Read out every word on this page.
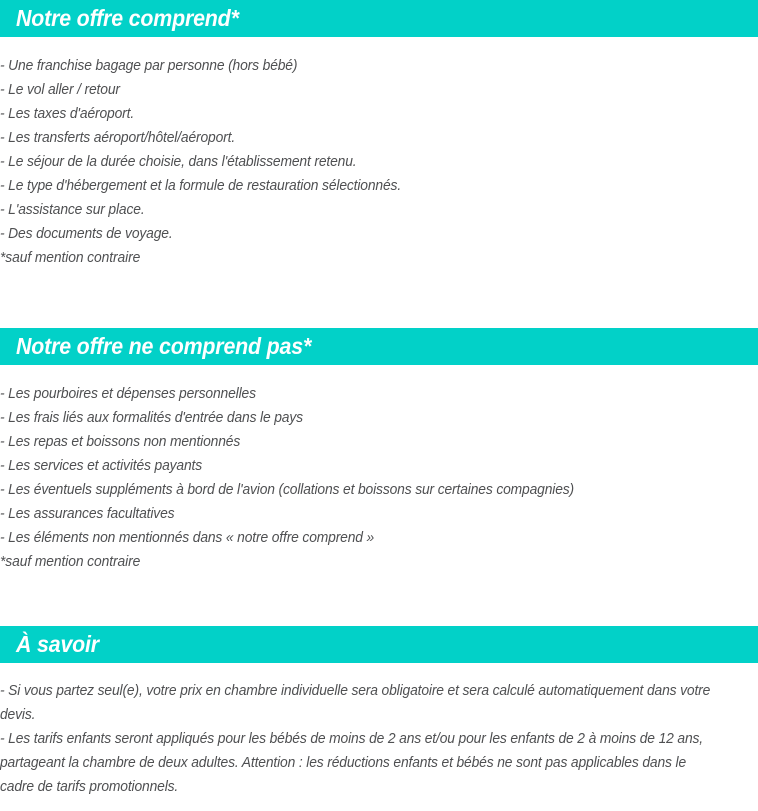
Notre offre comprend*
- Une franchise bagage par personne (hors bébé)
- Le vol aller / retour
- Les taxes d'aéroport.
- Les transferts aéroport/hôtel/aéroport.
- Le séjour de la durée choisie, dans l'établissement retenu.
- Le type d'hébergement et la formule de restauration sélectionnés.
- L'assistance sur place.
- Des documents de voyage.
*sauf mention contraire
Notre offre ne comprend pas*
- Les pourboires et dépenses personnelles
- Les frais liés aux formalités d'entrée dans le pays
- Les repas et boissons non mentionnés
- Les services et activités payants
- Les éventuels suppléments à bord de l'avion (collations et boissons sur certaines compagnies)
- Les assurances facultatives
- Les éléments non mentionnés dans « notre offre comprend »
*sauf mention contraire
À savoir

- Si vous partez seul(e), votre prix en chambre individuelle sera obligatoire et sera calculé automatiquement dans votre devis.

- Les tarifs enfants seront appliqués pour les bébés de moins de 2 ans et/ou pour les enfants de 2 à moins de 12 ans, partageant la chambre de deux adultes. Attention : les réductions enfants et bébés ne sont pas applicables dans le cadre de tarifs promotionnels.
